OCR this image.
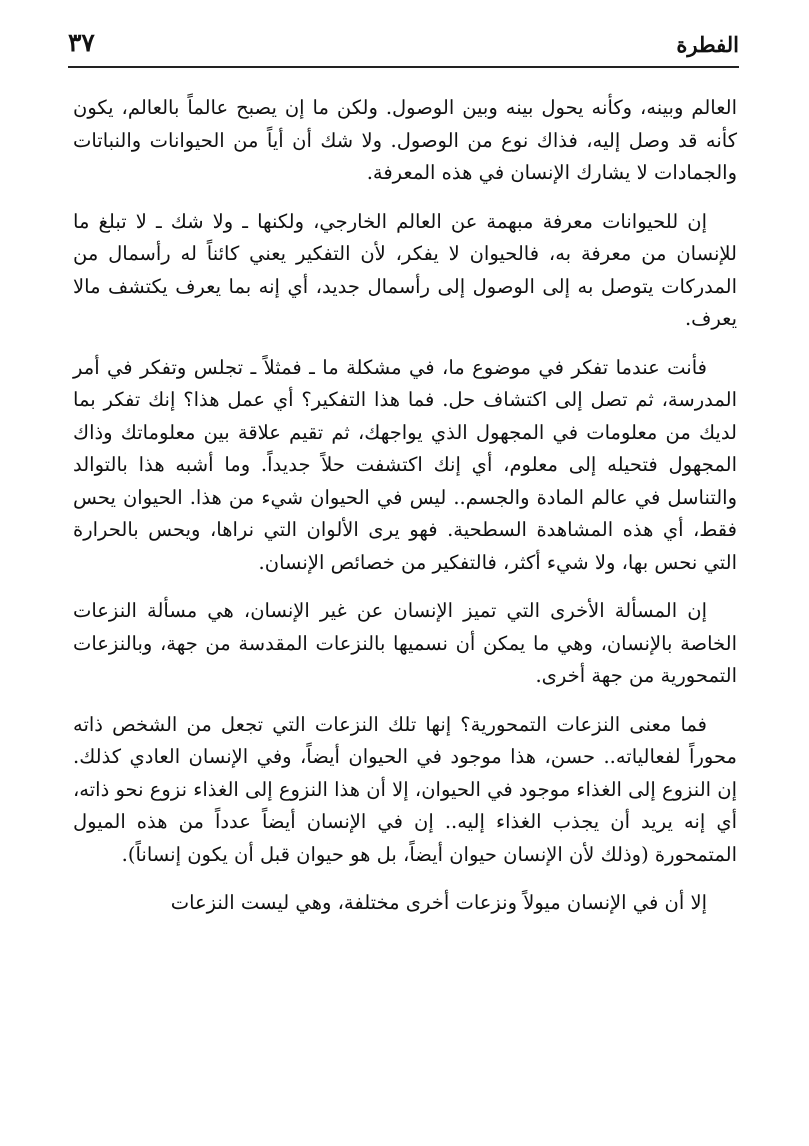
الفطرة
٣٧

العالم وبينه، وكأنه يحول بينه وبين الوصول. ولكن ما إن يصبح عالماً بالعالم، يكون كأنه قد وصل إليه، فذاك نوع من الوصول. ولا شك أن أياً من الحيوانات والنباتات والجمادات لا يشارك الإنسان في هذه المعرفة.

إن للحيوانات معرفة مبهمة عن العالم الخارجي، ولكنها ـ ولا شك ـ لا تبلغ ما للإنسان من معرفة به، فالحيوان لا يفكر، لأن التفكير يعني كائناً له رأسمال من المدركات يتوصل به إلى الوصول إلى رأسمال جديد، أي إنه بما يعرف يكتشف مالا يعرف.

فأنت عندما تفكر في موضوع ما، في مشكلة ما ـ فمثلاً ـ تجلس وتفكر في أمر المدرسة، ثم تصل إلى اكتشاف حل. فما هذا التفكير؟ أي عمل هذا؟ إنك تفكر بما لديك من معلومات في المجهول الذي يواجهك، ثم تقيم علاقة بين معلوماتك وذاك المجهول فتحيله إلى معلوم، أي إنك اكتشفت حلاً جديداً. وما أشبه هذا بالتوالد والتناسل في عالم المادة والجسم.. ليس في الحيوان شيء من هذا. الحيوان يحس فقط، أي هذه المشاهدة السطحية. فهو يرى الألوان التي نراها، ويحس بالحرارة التي نحس بها، ولا شيء أكثر، فالتفكير من خصائص الإنسان.

إن المسألة الأخرى التي تميز الإنسان عن غير الإنسان، هي مسألة النزعات الخاصة بالإنسان، وهي ما يمكن أن نسميها بالنزعات المقدسة من جهة، وبالنزعات التمحورية من جهة أخرى.

فما معنى النزعات التمحورية؟ إنها تلك النزعات التي تجعل من الشخص ذاته محوراً لفعالياته.. حسن، هذا موجود في الحيوان أيضاً، وفي الإنسان العادي كذلك. إن النزوع إلى الغذاء موجود في الحيوان، إلا أن هذا النزوع إلى الغذاء نزوع نحو ذاته، أي إنه يريد أن يجذب الغذاء إليه.. إن في الإنسان أيضاً عدداً من هذه الميول المتمحورة (وذلك لأن الإنسان حيوان أيضاً، بل هو حيوان قبل أن يكون إنساناً).

إلا أن في الإنسان ميولاً ونزعات أخرى مختلفة، وهي ليست النزعات
